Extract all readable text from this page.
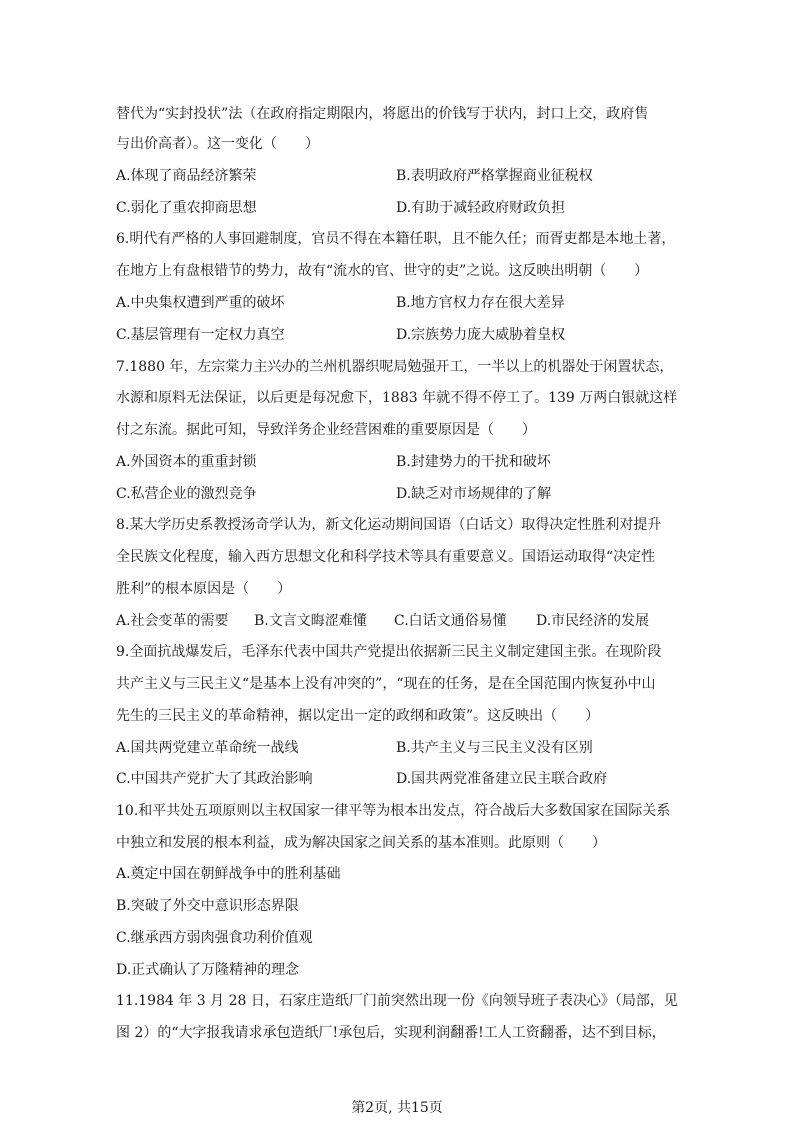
替代为“实封投状”法（在政府指定期限内，将愿出的价钱写于状内，封口上交，政府售
与出价高者）。这一变化（　　）
A.体现了商品经济繁荣	B.表明政府严格掌握商业征税权
C.弱化了重农抑商思想	D.有助于减轻政府财政负担
6.明代有严格的人事回避制度，官员不得在本籍任职，且不能久任；而胥吏都是本地土著，
在地方上有盘根错节的势力，故有“流水的官、世守的吏”之说。这反映出明朝（　　）
A.中央集权遭到严重的破坏	B.地方官权力存在很大差异
C.基层管理有一定权力真空	D.宗族势力庞大威胁着皇权
7.1880 年，左宗棠力主兴办的兰州机器织呢局勉强开工，一半以上的机器处于闲置状态，
水源和原料无法保证，以后更是每况愈下，1883 年就不得不停工了。139 万两白银就这样
付之东流。据此可知，导致洋务企业经营困难的重要原因是（　　）
A.外国资本的重重封锁	B.封建势力的干扰和破坏
C.私营企业的激烈竞争	D.缺乏对市场规律的了解
8.某大学历史系教授汤奇学认为，新文化运动期间国语（白话文）取得决定性胜利对提升
全民族文化程度，输入西方思想文化和科学技术等具有重要意义。国语运动取得“决定性
胜利”的根本原因是（　　）
A.社会变革的需要 B.文言文晦涩难懂 C.白话文通俗易懂 D.市民经济的发展
9.全面抗战爆发后，毛泽东代表中国共产党提出依据新三民主义制定建国主张。在现阶段
共产主义与三民主义“是基本上没有冲突的”，“现在的任务，是在全国范围内恢复孙中山
先生的三民主义的革命精神，据以定出一定的政纲和政策”。这反映出（　　）
A.国共两党建立革命统一战线	B.共产主义与三民主义没有区别
C.中国共产党扩大了其政治影响	D.国共两党准备建立民主联合政府
10.和平共处五项原则以主权国家一律平等为根本出发点，符合战后大多数国家在国际关系
中独立和发展的根本利益，成为解决国家之间关系的基本准则。此原则（　　）
A.奠定中国在朝鲜战争中的胜利基础
B.突破了外交中意识形态界限
C.继承西方弱肉强食功利价值观
D.正式确认了万隆精神的理念
11.1984 年 3 月 28 日，石家庄造纸厂门前突然出现一份《向领导班子表决心》（局部，见
图 2）的“大字报我请求承包造纸厂!承包后，实现利润翻番!工人工资翻番，达不到目标，
第2页, 共15页
